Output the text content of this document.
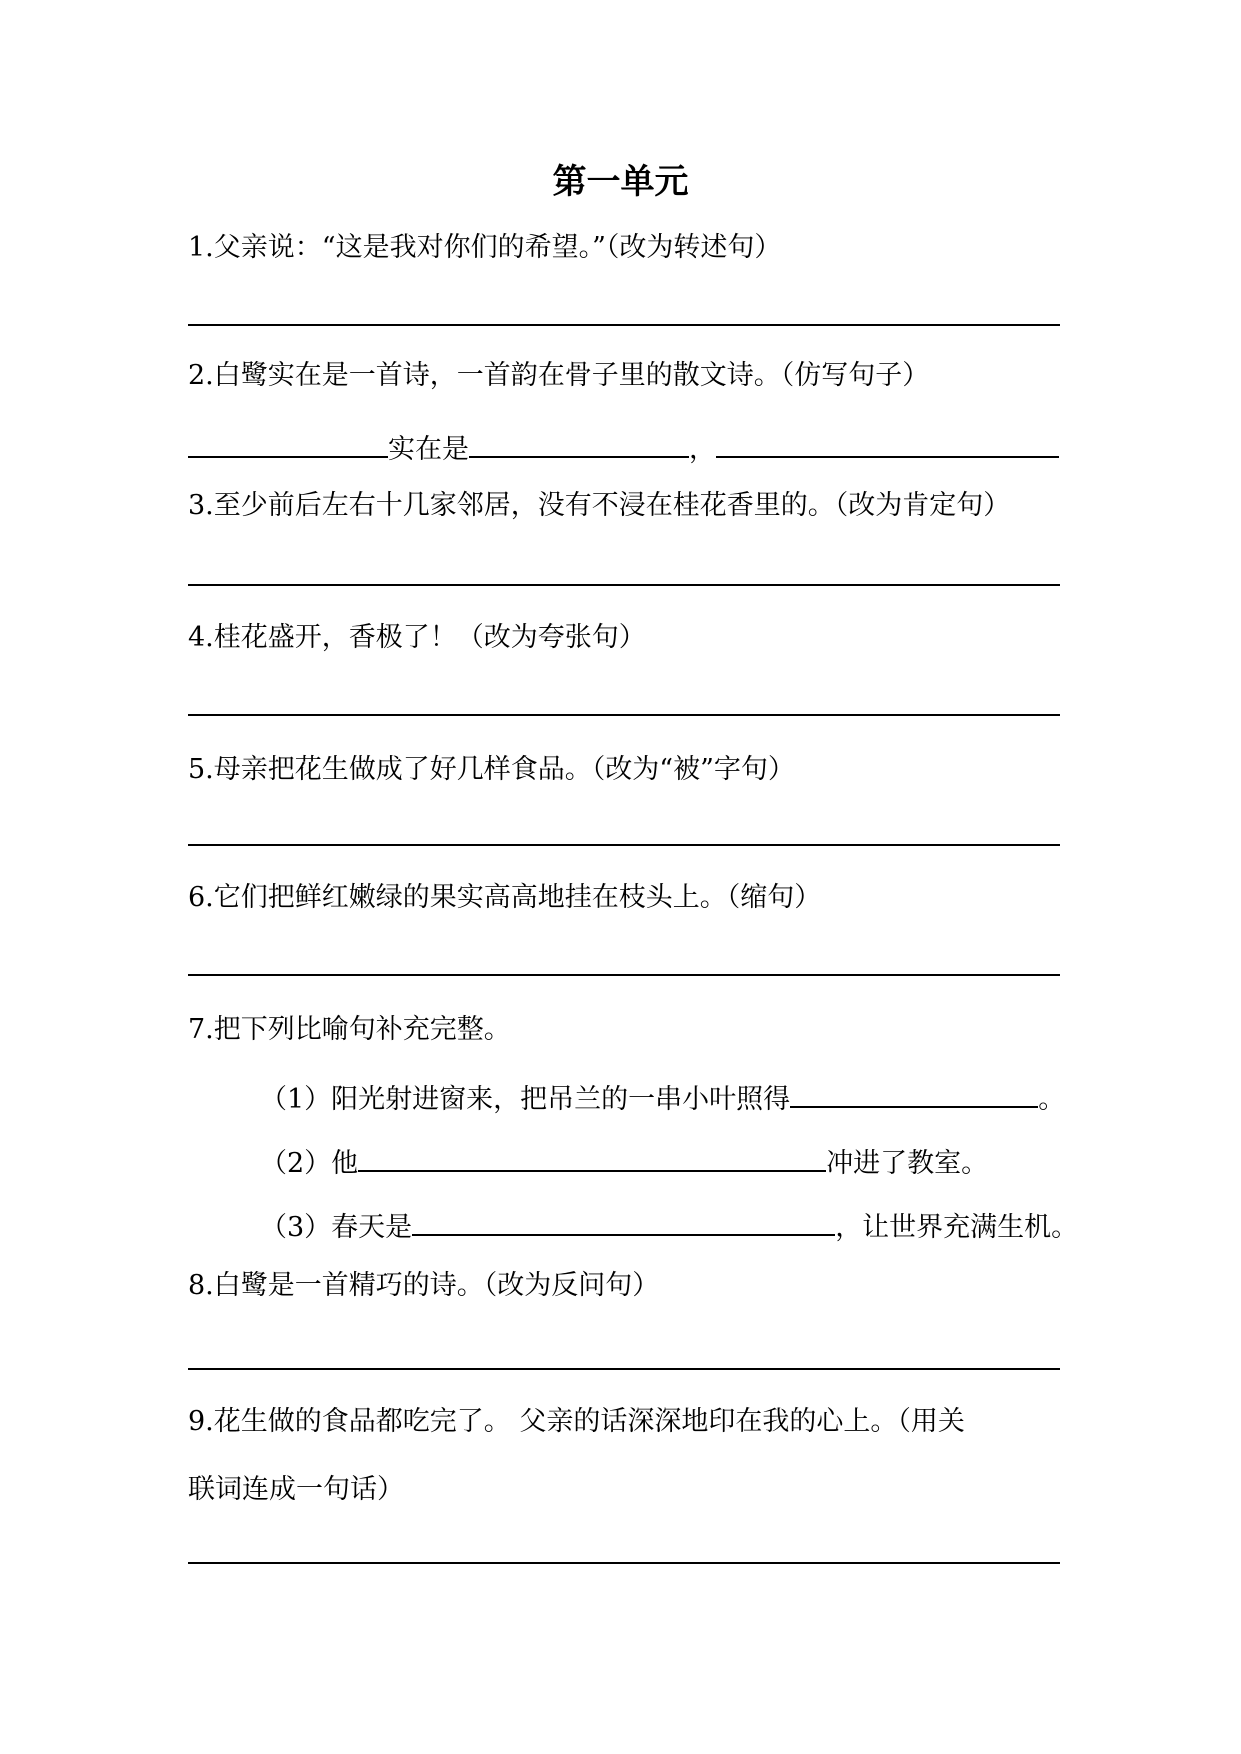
第一单元
1.父亲说：“这是我对你们的希望。”（改为转述句）
2.白鹭实在是一首诗，一首韵在骨子里的散文诗。（仿写句子）
实在是	，
3.至少前后左右十几家邻居，没有不浸在桂花香里的。（改为肯定句）
4.桂花盛开，香极了！（改为夸张句）
5.母亲把花生做成了好几样食品。（改为“被”字句）
6.它们把鲜红嫩绿的果实高高地挂在枝头上。（缩句）
7.把下列比喻句补充完整。
（1）阳光射进窗来，把吊兰的一串小叶照得	。
（2）他	冲进了教室。
（3）春天是	，让世界充满生机。
8.白鹭是一首精巧的诗。（改为反问句）
9.花生做的食品都吃完了。 父亲的话深深地印在我的心上。（用关
联词连成一句话）
